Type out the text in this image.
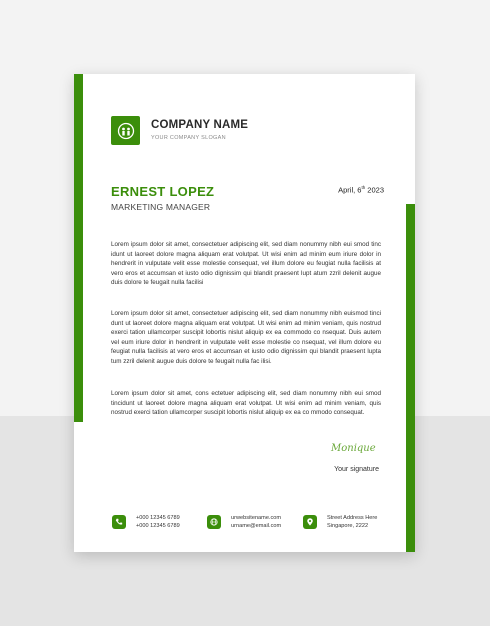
COMPANY NAME
YOUR COMPANY SLOGAN
ERNEST LOPEZ
MARKETING MANAGER
April, 6th 2023

Lorem ipsum dolor sit amet, consectetuer adipiscing elit, sed diam nonummy nibh eui smod tinc idunt ut laoreet dolore magna aliquam erat volutpat. Ut wisi enim ad minim eum iriure dolor in hendrerit in vulputate velit esse molestie consequat, vel illum dolore eu feugiat nulla facilisis at vero eros et accumsan et iusto odio dignissim qui blandit praesent lupt atum zzril delenit augue duis dolore te feugait nulla facilisi

Lorem ipsum dolor sit amet, consectetuer adipiscing elit, sed diam nonummy nibh euismod tinci dunt ut laoreet dolore magna aliquam erat volutpat. Ut wisi enim ad minim veniam, quis nostrud exerci tation ullamcorper suscipit lobortis nislut aliquip ex ea commodo co nsequat. Duis autem vel eum iriure dolor in hendrerit in vulputate velit esse molestie co nsequat, vel illum dolore eu feugiat nulla facilisis at vero eros et accumsan et iusto odio dignissim qui blandit praesent lupta tum zzril delenit augue duis dolore te feugait nulla fac ilisi.

Lorem ipsum dolor sit amet, cons ectetuer adipiscing elit, sed diam nonummy nibh eui smod tincidunt ut laoreet dolore magna aliquam erat volutpat. Ut wisi enim ad minim veniam, quis nostrud exerci tation ullamcorper suscipit lobortis nislut aliquip ex ea co mmodo consequat.

Monique
Your signature
+000 12345 6789
+000 12345 6789
urwebsitename.com
urname@email.com
Street Address Here
Singapore, 2222
